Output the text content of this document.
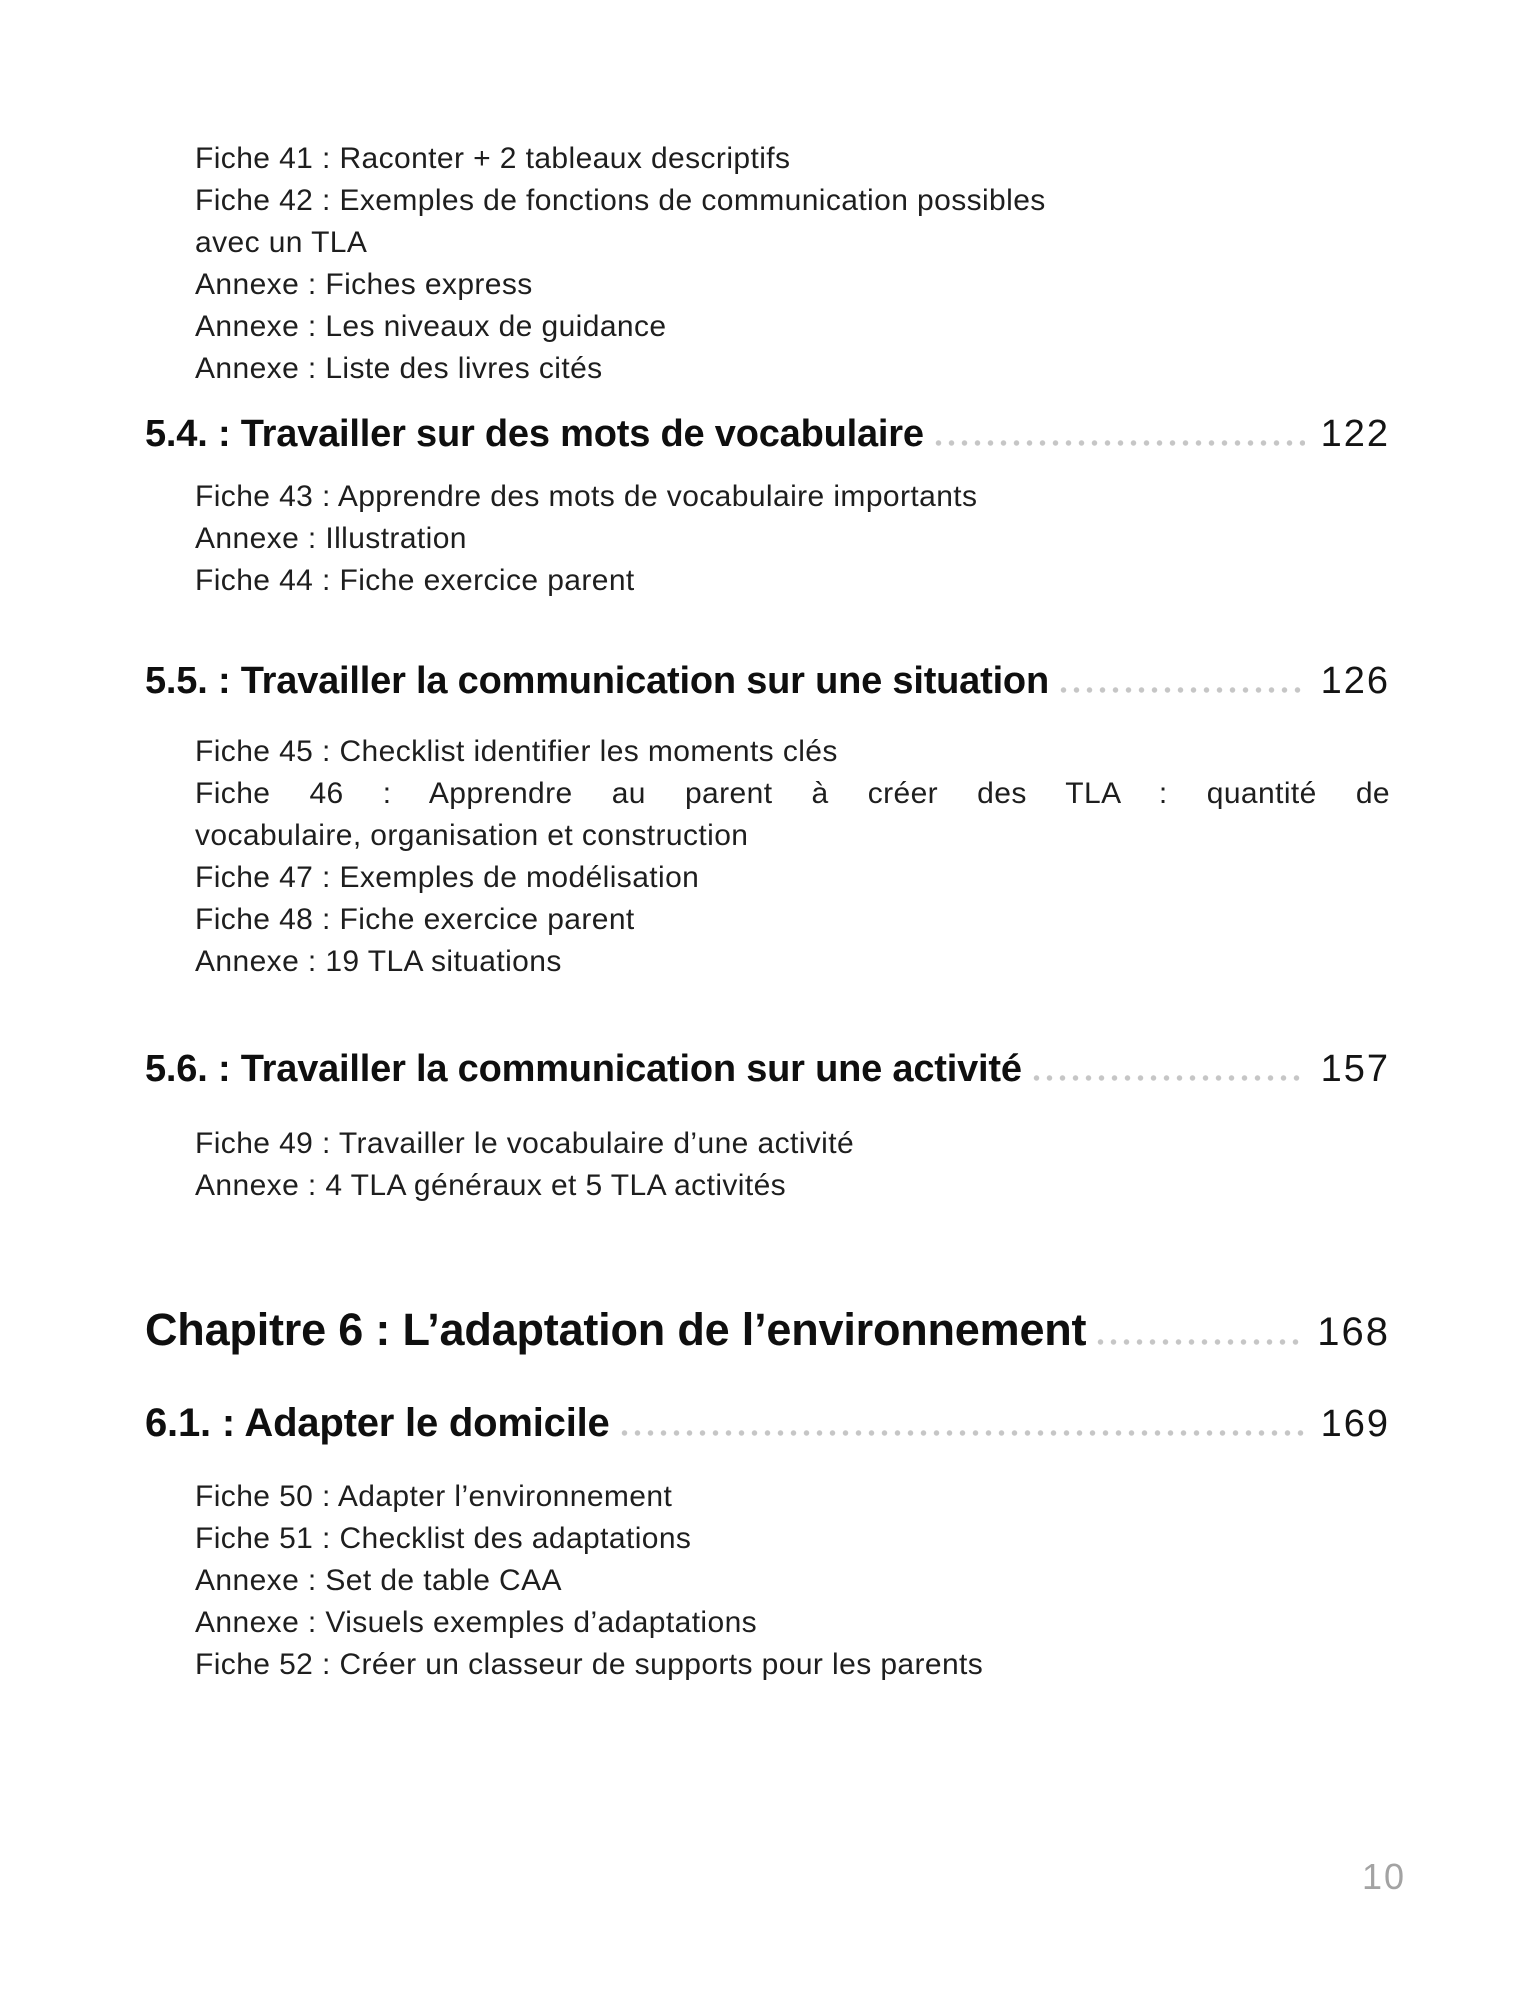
Fiche 41 : Raconter + 2 tableaux descriptifs

Fiche 42 : Exemples de fonctions de communication possibles

avec un TLA

Annexe : Fiches express

Annexe : Les niveaux de guidance

Annexe : Liste des livres cités

5.4. : Travailler sur des mots de vocabulaire	122

Fiche 43 : Apprendre des mots de vocabulaire importants

Annexe : Illustration

Fiche 44 : Fiche exercice parent

5.5. : Travailler la communication sur une situation	126

Fiche 45 : Checklist identifier les moments clés

Fiche 46 : Apprendre au parent à créer des TLA : quantité de

vocabulaire, organisation et construction

Fiche 47 : Exemples de modélisation

Fiche 48 : Fiche exercice parent

Annexe : 19 TLA situations

5.6. : Travailler la communication sur une activité	157

Fiche 49 : Travailler le vocabulaire d’une activité

Annexe : 4 TLA généraux et 5 TLA activités

Chapitre 6 : L’adaptation de l’environnement	168
6.1. : Adapter le domicile	169

Fiche 50 : Adapter l’environnement

Fiche 51 : Checklist des adaptations

Annexe : Set de table CAA

Annexe : Visuels exemples d’adaptations

Fiche 52 : Créer un classeur de supports pour les parents

10
